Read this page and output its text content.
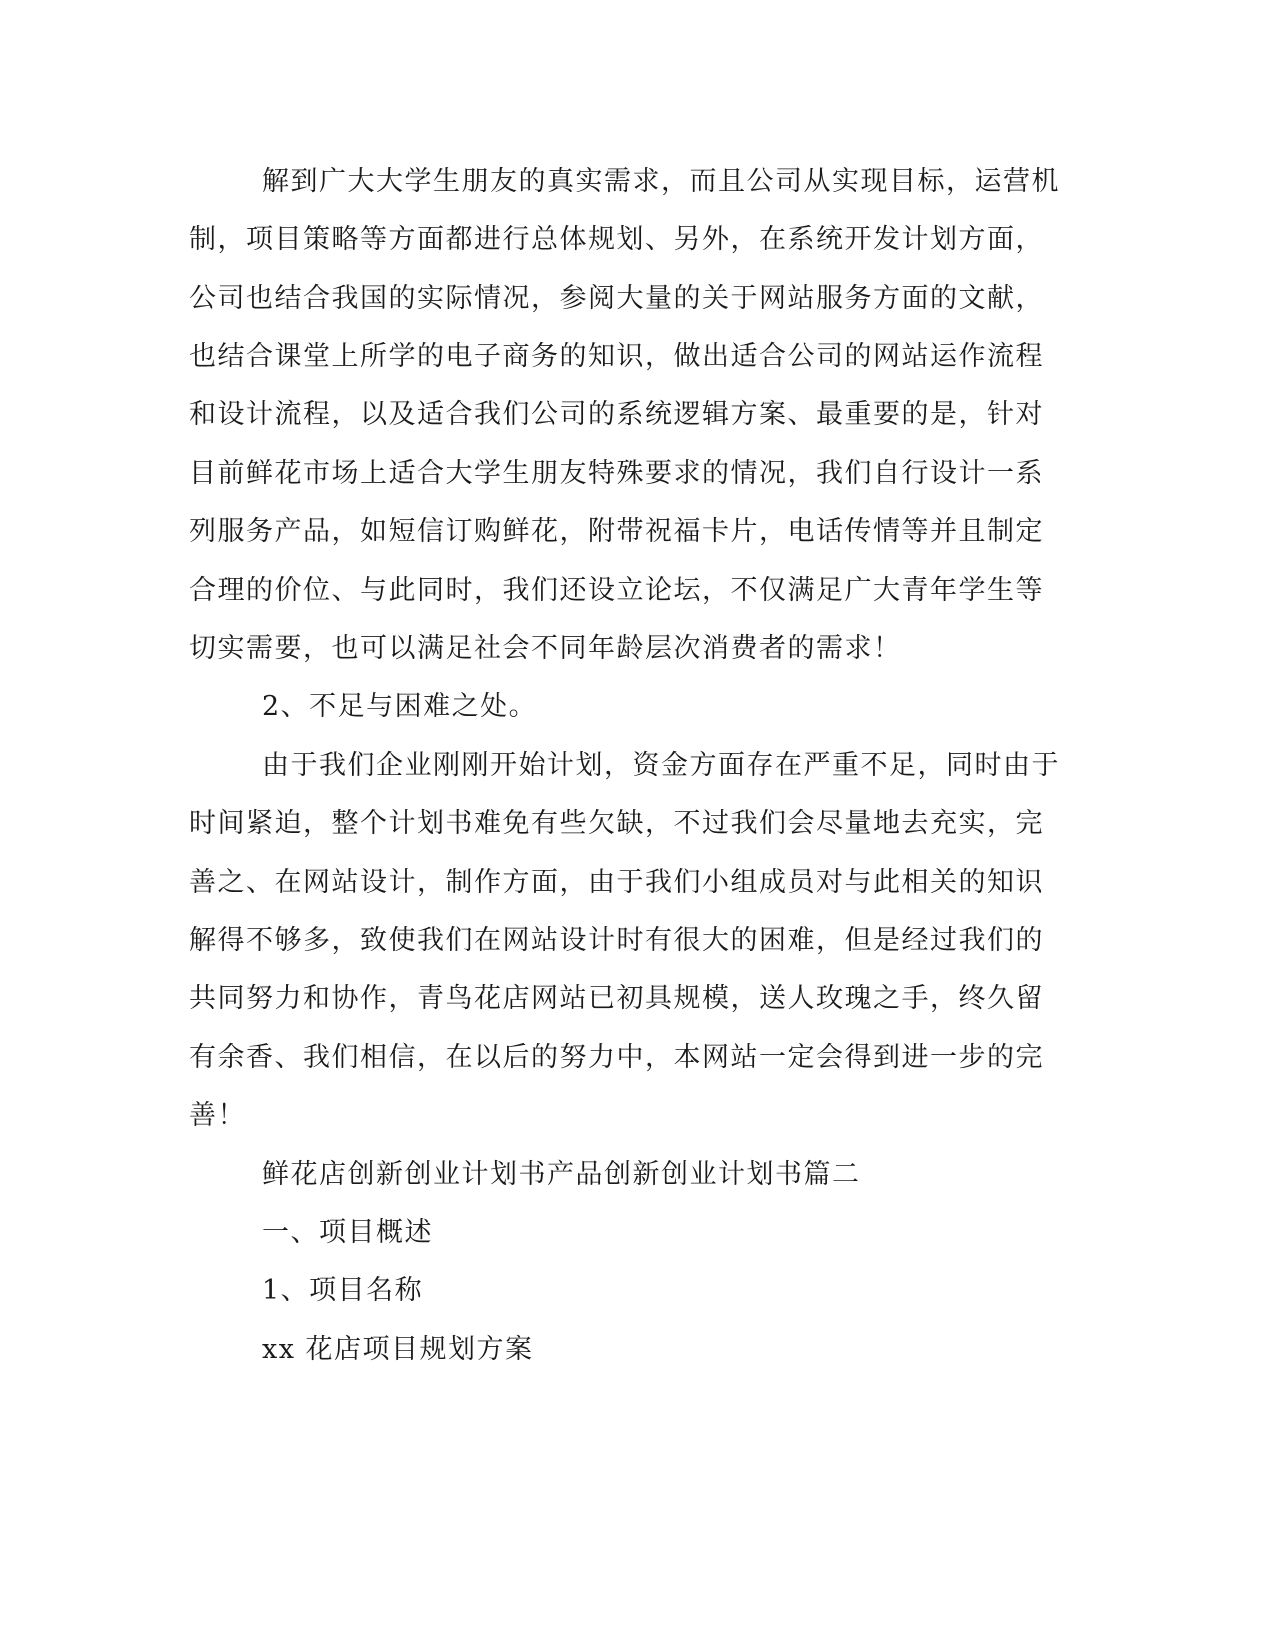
解到广大大学生朋友的真实需求，而且公司从实现目标，运营机
制，项目策略等方面都进行总体规划、另外，在系统开发计划方面，
公司也结合我国的实际情况，参阅大量的关于网站服务方面的文献，
也结合课堂上所学的电子商务的知识，做出适合公司的网站运作流程
和设计流程，以及适合我们公司的系统逻辑方案、最重要的是，针对
目前鲜花市场上适合大学生朋友特殊要求的情况，我们自行设计一系
列服务产品，如短信订购鲜花，附带祝福卡片，电话传情等并且制定
合理的价位、与此同时，我们还设立论坛，不仅满足广大青年学生等
切实需要，也可以满足社会不同年龄层次消费者的需求！
2、不足与困难之处。
由于我们企业刚刚开始计划，资金方面存在严重不足，同时由于
时间紧迫，整个计划书难免有些欠缺，不过我们会尽量地去充实，完
善之、在网站设计，制作方面，由于我们小组成员对与此相关的知识
解得不够多，致使我们在网站设计时有很大的困难，但是经过我们的
共同努力和协作，青鸟花店网站已初具规模，送人玫瑰之手，终久留
有余香、我们相信，在以后的努力中，本网站一定会得到进一步的完
善！
鲜花店创新创业计划书产品创新创业计划书篇二
一、项目概述
1、项目名称
xx 花店项目规划方案
